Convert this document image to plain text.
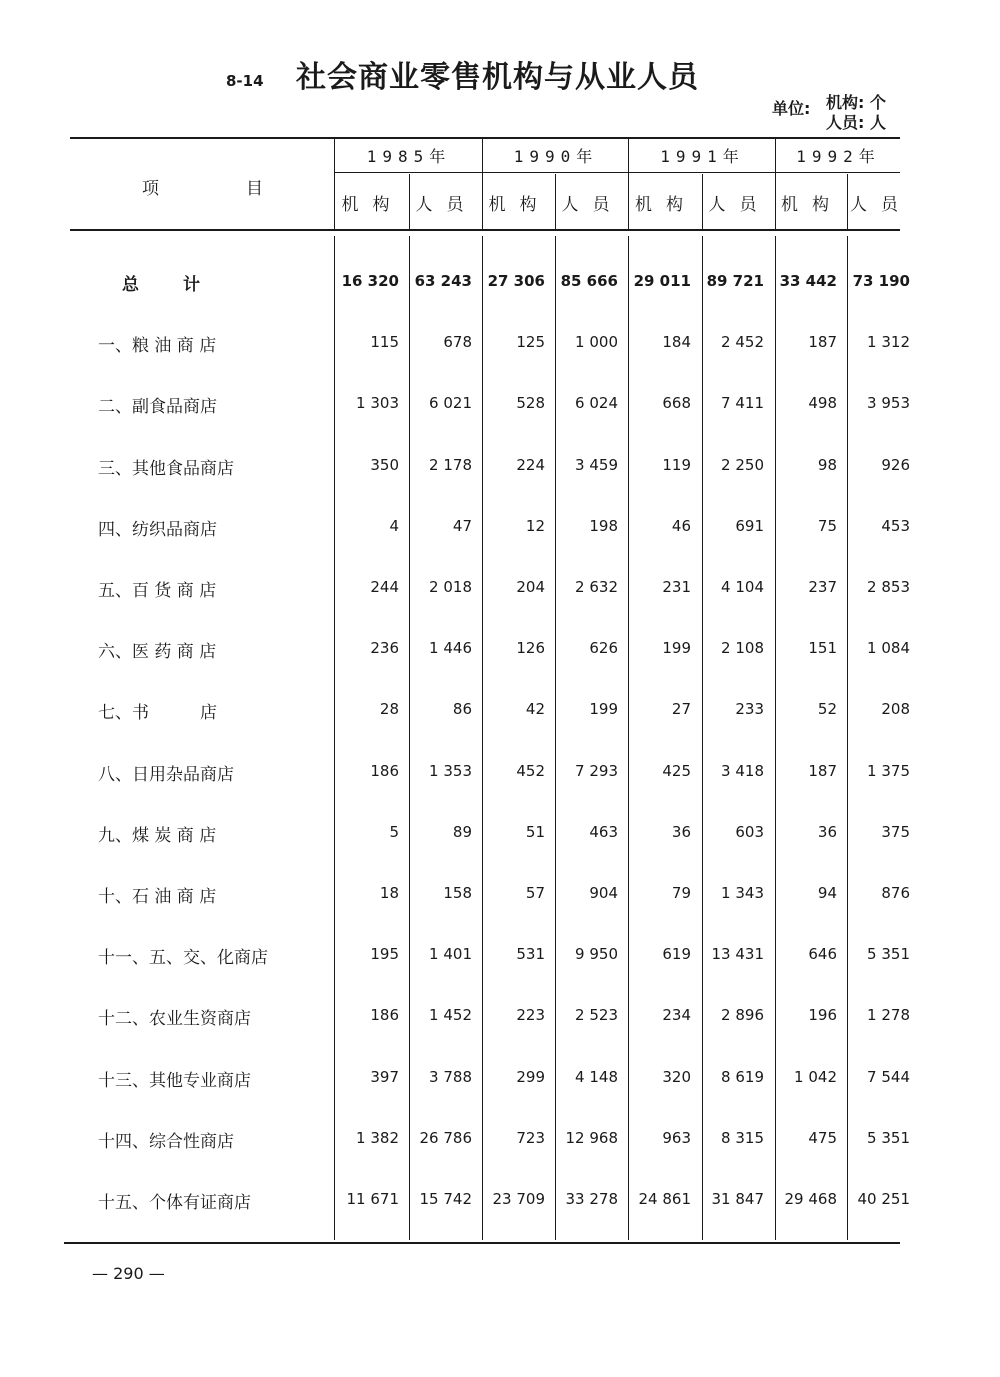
8-14 社会商业零售机构与从业人员
单位: 机构: 个
人员: 人
项	目
1985年	1990年	1991年	1992年
机构 人员 机构 人员 机构 人员 机构 人员
总计	16 320	63 243	27 306	85 666	29 011	89 721	33 442	73 190
一、粮 油 商 店	115	678	125	1 000	184	2 452	187	1 312
二、副食品商店	1 303	6 021	528	6 024	668	7 411	498	3 953
三、其他食品商店	350	2 178	224	3 459	119	2 250	98	926
四、纺织品商店	4	47	12	198	46	691	75	453
五、百 货 商 店	244	2 018	204	2 632	231	4 104	237	2 853
六、医 药 商 店	236	1 446	126	626	199	2 108	151	1 084
七、书　　　店	28	86	42	199	27	233	52	208
八、日用杂品商店	186	1 353	452	7 293	425	3 418	187	1 375
九、煤 炭 商 店	5	89	51	463	36	603	36	375
十、石 油 商 店	18	158	57	904	79	1 343	94	876
十一、五、交、化商店	195	1 401	531	9 950	619	13 431	646	5 351
十二、农业生资商店	186	1 452	223	2 523	234	2 896	196	1 278
十三、其他专业商店	397	3 788	299	4 148	320	8 619	1 042	7 544
十四、综合性商店	1 382	26 786	723	12 968	963	8 315	475	5 351
十五、个体有证商店	11 671	15 742	23 709	33 278	24 861	31 847	29 468	40 251
— 290 —
